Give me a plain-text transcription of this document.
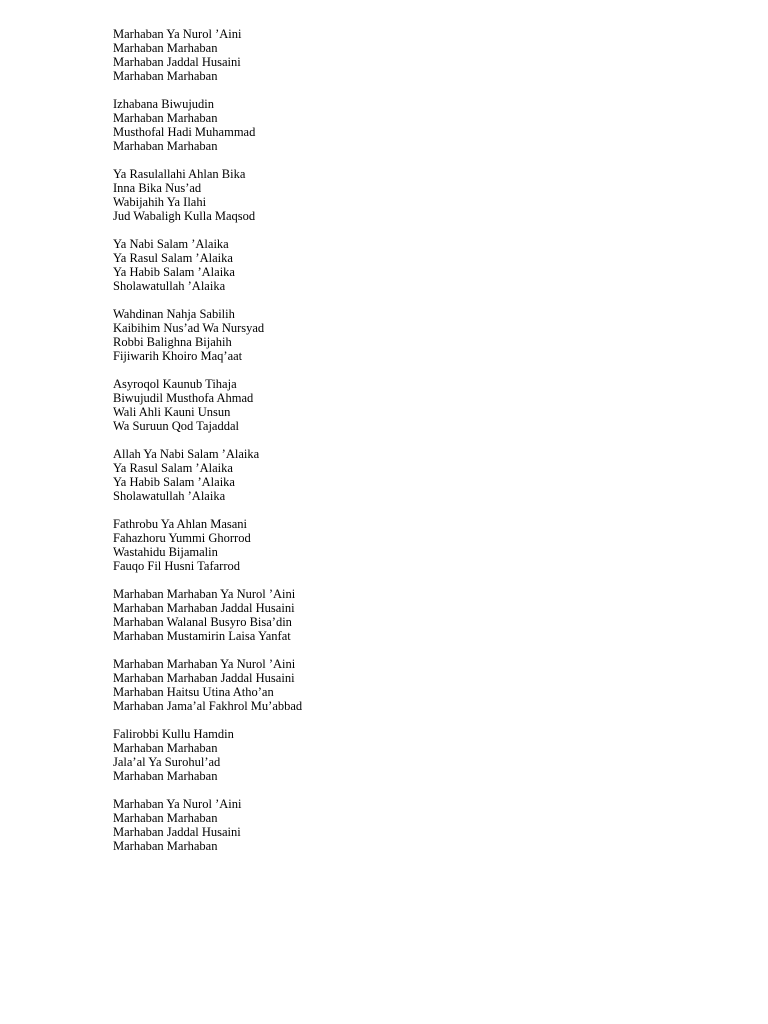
Marhaban Ya Nurol ’Aini
Marhaban Marhaban
Marhaban Jaddal Husaini
Marhaban Marhaban
Izhabana Biwujudin
Marhaban Marhaban
Musthofal Hadi Muhammad
Marhaban Marhaban
Ya Rasulallahi Ahlan Bika
Inna Bika Nus’ad
Wabijahih Ya Ilahi
Jud Wabaligh Kulla Maqsod
Ya Nabi Salam ’Alaika
Ya Rasul Salam ’Alaika
Ya Habib Salam ’Alaika
Sholawatullah ’Alaika
Wahdinan Nahja Sabilih
Kaibihim Nus’ad Wa Nursyad
Robbi Balighna Bijahih
Fijiwarih Khoiro Maq’aat
Asyroqol Kaunub Tihaja
Biwujudil Musthofa Ahmad
Wali Ahli Kauni Unsun
Wa Suruun Qod Tajaddal
Allah Ya Nabi Salam ’Alaika
Ya Rasul Salam ’Alaika
Ya Habib Salam ’Alaika
Sholawatullah ’Alaika
Fathrobu Ya Ahlan Masani
Fahazhoru Yummi Ghorrod
Wastahidu Bijamalin
Fauqo Fil Husni Tafarrod
Marhaban Marhaban Ya Nurol ’Aini
Marhaban Marhaban Jaddal Husaini
Marhaban Walanal Busyro Bisa’din
Marhaban Mustamirin Laisa Yanfat
Marhaban Marhaban Ya Nurol ’Aini
Marhaban Marhaban Jaddal Husaini
Marhaban Haitsu Utina Atho’an
Marhaban Jama’al Fakhrol Mu’abbad
Falirobbi Kullu Hamdin
Marhaban Marhaban
Jala’al Ya Surohul’ad
Marhaban Marhaban
Marhaban Ya Nurol ’Aini
Marhaban Marhaban
Marhaban Jaddal Husaini
Marhaban Marhaban
